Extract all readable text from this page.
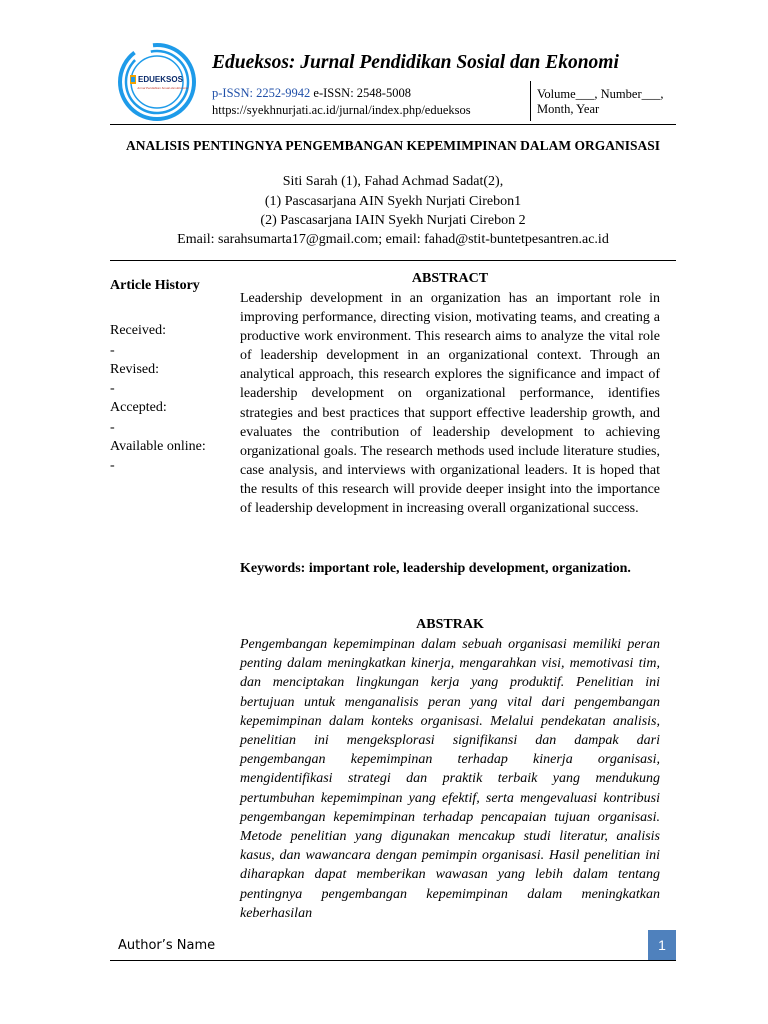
EDUEKSOS
Jurnal Pendidikan Sosial dan Ekonomi
Edueksos: Jurnal Pendidikan Sosial dan Ekonomi
p-ISSN: 2252-9942 e-ISSN: 2548-5008
https://syekhnurjati.ac.id/jurnal/index.php/edueksos
Volume___, Number___,
Month, Year
ANALISIS PENTINGNYA PENGEMBANGAN KEPEMIMPINAN DALAM ORGANISASI
Siti Sarah (1), Fahad Achmad Sadat(2),
(1) Pascasarjana AIN Syekh Nurjati Cirebon1
(2) Pascasarjana IAIN Syekh Nurjati Cirebon 2
Email: sarahsumarta17@gmail.com; email: fahad@stit-buntetpesantren.ac.id
Article History
Received:
-
Revised:
-
Accepted:
-
Available online:
-
ABSTRACT

Leadership development in an organization has an important role in improving performance, directing vision, motivating teams, and creating a productive work environment. This research aims to analyze the vital role of leadership development in an organizational context. Through an analytical approach, this research explores the significance and impact of leadership development on organizational performance, identifies strategies and best practices that support effective leadership growth, and evaluates the contribution of leadership development to achieving organizational goals. The research methods used include literature studies, case analysis, and interviews with organizational leaders. It is hoped that the results of this research will provide deeper insight into the importance of leadership development in increasing overall organizational success.

Keywords: important role, leadership development, organization.

ABSTRAK

Pengembangan kepemimpinan dalam sebuah organisasi memiliki peran penting dalam meningkatkan kinerja, mengarahkan visi, memotivasi tim, dan menciptakan lingkungan kerja yang produktif. Penelitian ini bertujuan untuk menganalisis peran yang vital dari pengembangan kepemimpinan dalam konteks organisasi. Melalui pendekatan analisis, penelitian ini mengeksplorasi signifikansi dan dampak dari pengembangan kepemimpinan terhadap kinerja organisasi, mengidentifikasi strategi dan praktik terbaik yang mendukung pertumbuhan kepemimpinan yang efektif, serta mengevaluasi kontribusi pengembangan kepemimpinan terhadap pencapaian tujuan organisasi. Metode penelitian yang digunakan mencakup studi literatur, analisis kasus, dan wawancara dengan pemimpin organisasi. Hasil penelitian ini diharapkan dapat memberikan wawasan yang lebih dalam tentang pentingnya pengembangan kepemimpinan dalam meningkatkan keberhasilan

Author’s Name	1
